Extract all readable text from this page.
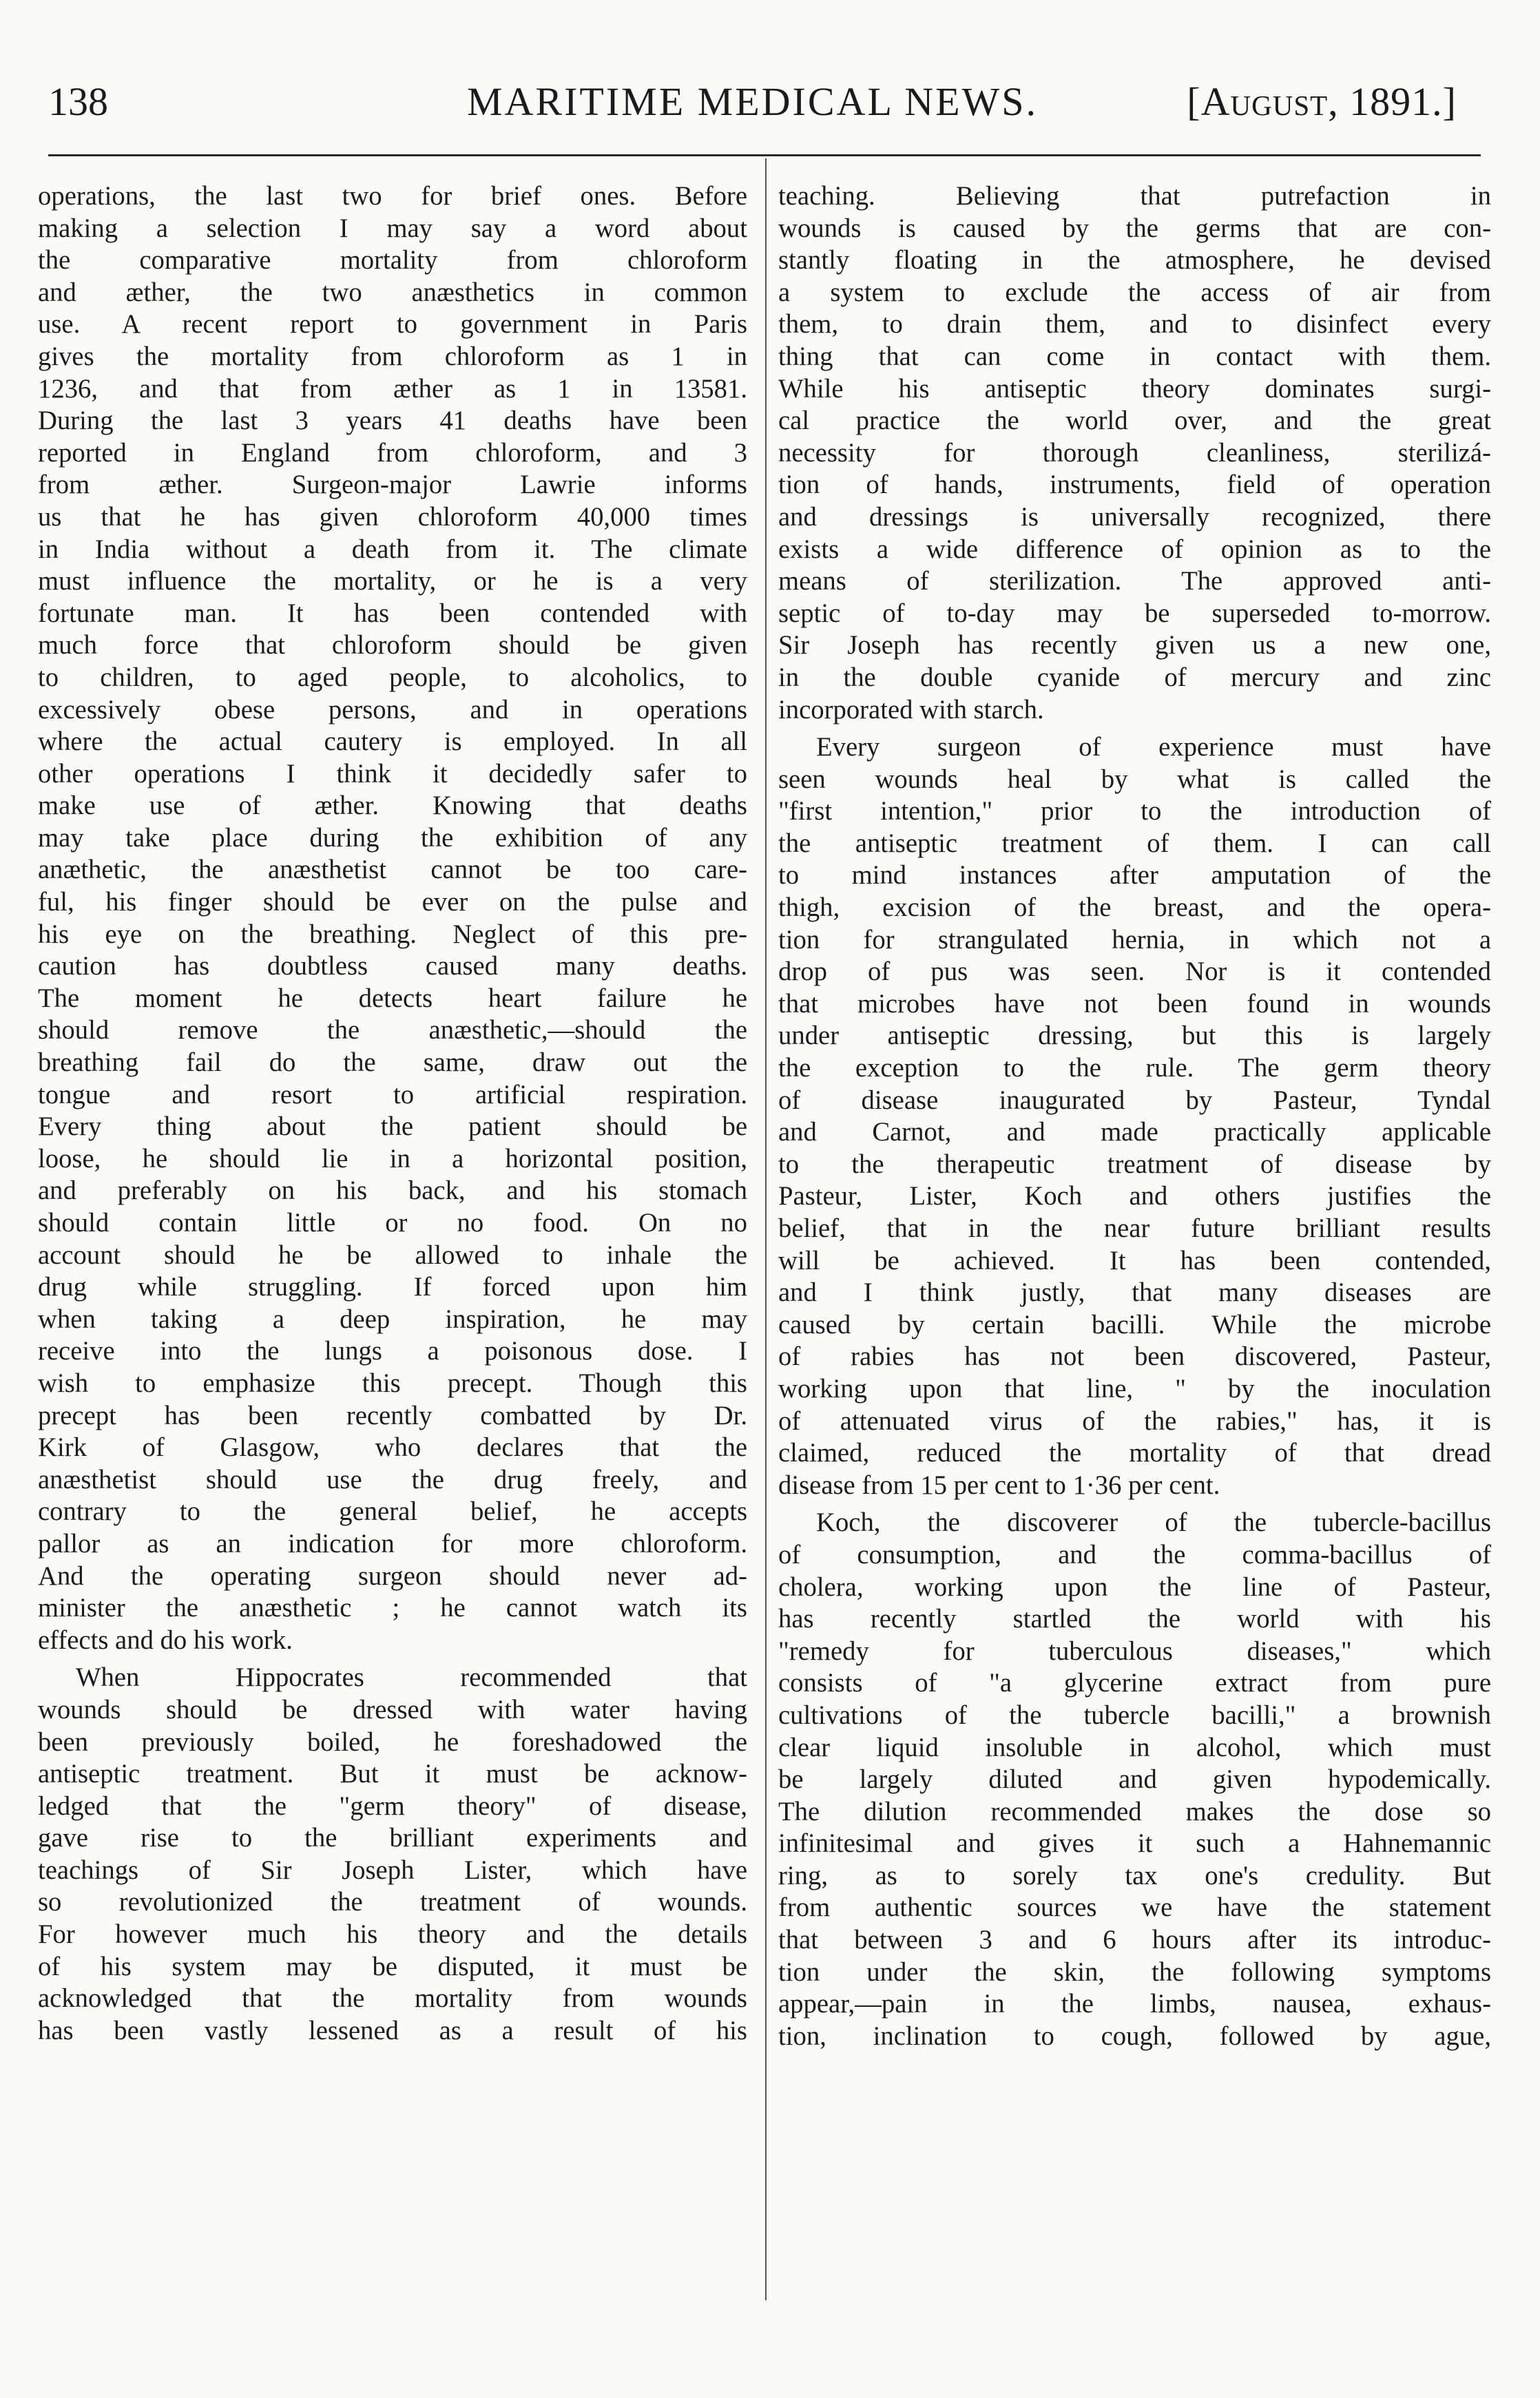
138	MARITIME MEDICAL NEWS.	[August, 1891.]
operations, the last two for brief ones. Before
making a selection I may say a word about
the comparative mortality from chloroform
and æther, the two anæsthetics in common
use. A recent report to government in Paris
gives the mortality from chloroform as 1 in
1236, and that from æther as 1 in 13581.
During the last 3 years 41 deaths have been
reported in England from chloroform, and 3
from æther. Surgeon-major Lawrie informs
us that he has given chloroform 40,000 times
in India without a death from it. The climate
must influence the mortality, or he is a very
fortunate man. It has been contended with
much force that chloroform should be given
to children, to aged people, to alcoholics, to
excessively obese persons, and in operations
where the actual cautery is employed. In all
other operations I think it decidedly safer to
make use of æther. Knowing that deaths
may take place during the exhibition of any
anæthetic, the anæsthetist cannot be too care-
ful, his finger should be ever on the pulse and
his eye on the breathing. Neglect of this pre-
caution has doubtless caused many deaths.
The moment he detects heart failure he
should remove the anæsthetic,—should the
breathing fail do the same, draw out the
tongue and resort to artificial respiration.
Every thing about the patient should be
loose, he should lie in a horizontal position,
and preferably on his back, and his stomach
should contain little or no food. On no
account should he be allowed to inhale the
drug while struggling. If forced upon him
when taking a deep inspiration, he may
receive into the lungs a poisonous dose. I
wish to emphasize this precept. Though this
precept has been recently combatted by Dr.
Kirk of Glasgow, who declares that the
anæsthetist should use the drug freely, and
contrary to the general belief, he accepts
pallor as an indication for more chloroform.
And the operating surgeon should never ad-
minister the anæsthetic ; he cannot watch its
effects and do his work.
When Hippocrates recommended that
wounds should be dressed with water having
been previously boiled, he foreshadowed the
antiseptic treatment. But it must be acknow-
ledged that the "germ theory" of disease,
gave rise to the brilliant experiments and
teachings of Sir Joseph Lister, which have
so revolutionized the treatment of wounds.
For however much his theory and the details
of his system may be disputed, it must be
acknowledged that the mortality from wounds
has been vastly lessened as a result of his
teaching. Believing that putrefaction in
wounds is caused by the germs that are con-
stantly floating in the atmosphere, he devised
a system to exclude the access of air from
them, to drain them, and to disinfect every
thing that can come in contact with them.
While his antiseptic theory dominates surgi-
cal practice the world over, and the great
necessity for thorough cleanliness, sterilizá-
tion of hands, instruments, field of operation
and dressings is universally recognized, there
exists a wide difference of opinion as to the
means of sterilization. The approved anti-
septic of to-day may be superseded to-morrow.
Sir Joseph has recently given us a new one,
in the double cyanide of mercury and zinc
incorporated with starch.
Every surgeon of experience must have
seen wounds heal by what is called the
"first intention," prior to the introduction of
the antiseptic treatment of them. I can call
to mind instances after amputation of the
thigh, excision of the breast, and the opera-
tion for strangulated hernia, in which not a
drop of pus was seen. Nor is it contended
that microbes have not been found in wounds
under antiseptic dressing, but this is largely
the exception to the rule. The germ theory
of disease inaugurated by Pasteur, Tyndal
and Carnot, and made practically applicable
to the therapeutic treatment of disease by
Pasteur, Lister, Koch and others justifies the
belief, that in the near future brilliant results
will be achieved. It has been contended,
and I think justly, that many diseases are
caused by certain bacilli. While the microbe
of rabies has not been discovered, Pasteur,
working upon that line, " by the inoculation
of attenuated virus of the rabies," has, it is
claimed, reduced the mortality of that dread
disease from 15 per cent to 1·36 per cent.
Koch, the discoverer of the tubercle-bacillus
of consumption, and the comma-bacillus of
cholera, working upon the line of Pasteur,
has recently startled the world with his
"remedy for tuberculous diseases," which
consists of "a glycerine extract from pure
cultivations of the tubercle bacilli," a brownish
clear liquid insoluble in alcohol, which must
be largely diluted and given hypodemically.
The dilution recommended makes the dose so
infinitesimal and gives it such a Hahnemannic
ring, as to sorely tax one's credulity. But
from authentic sources we have the statement
that between 3 and 6 hours after its introduc-
tion under the skin, the following symptoms
appear,—pain in the limbs, nausea, exhaus-
tion, inclination to cough, followed by ague,
